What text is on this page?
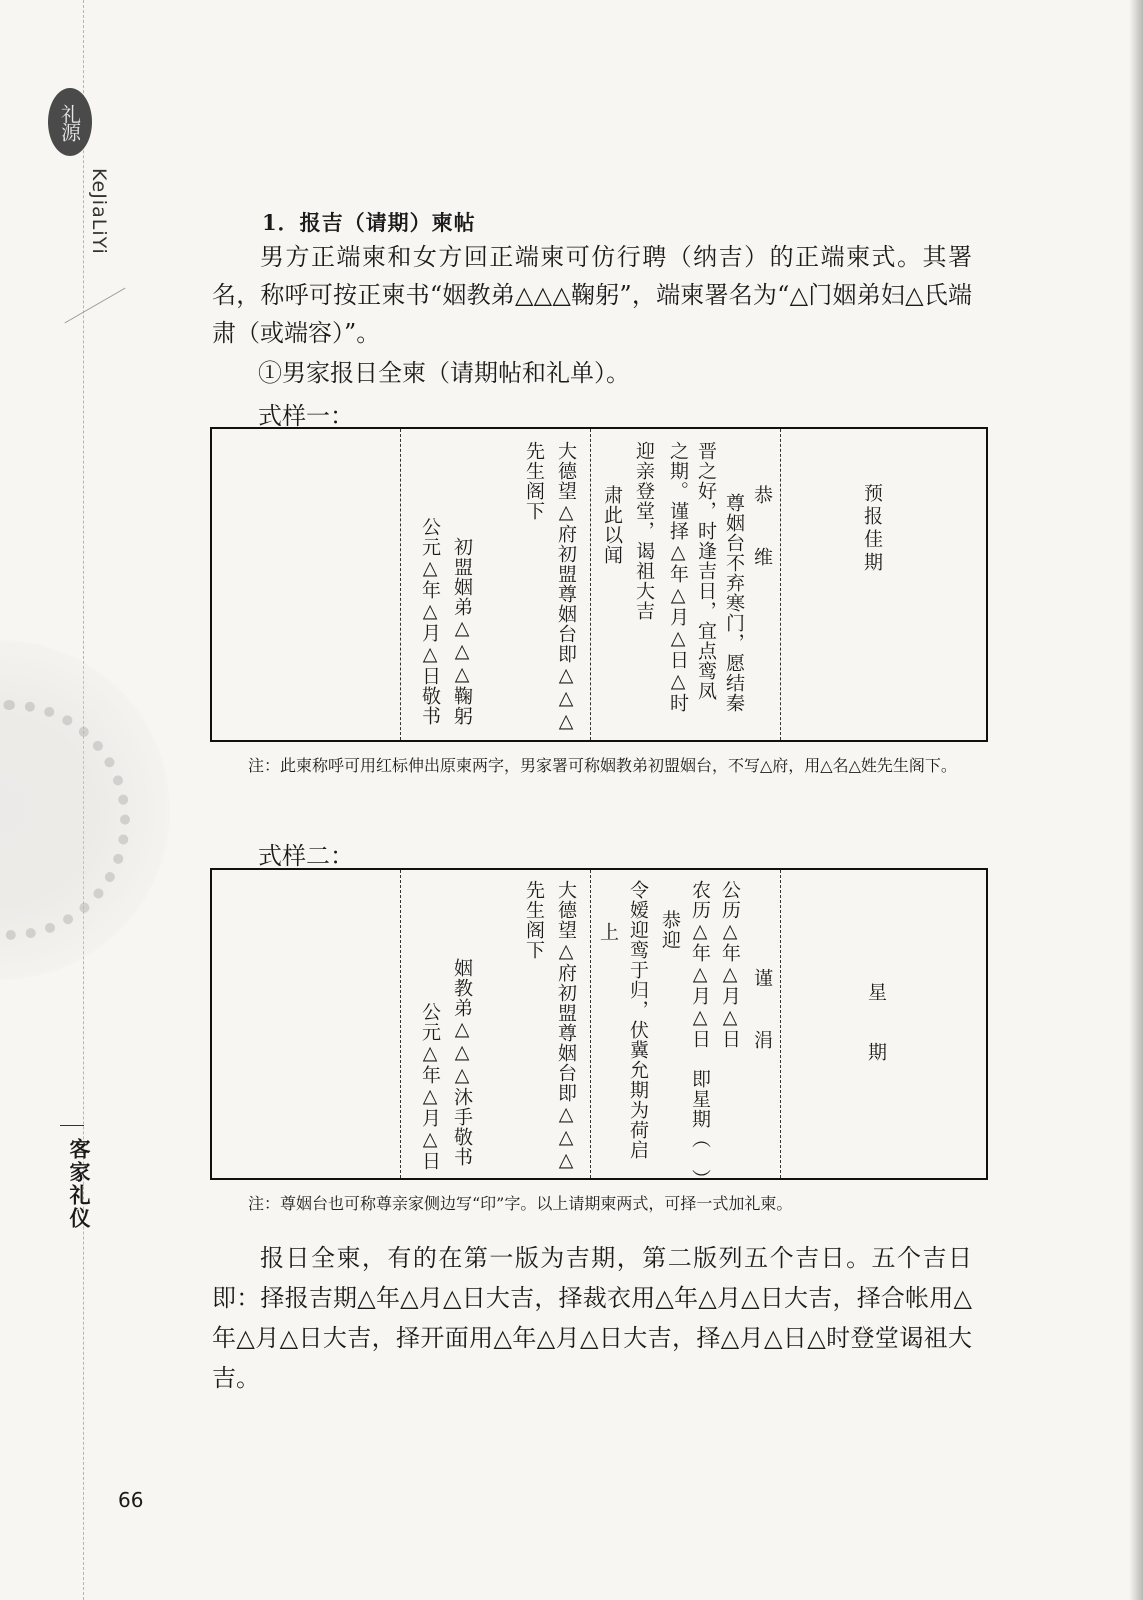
礼源
KeJiaLiYi
客家礼仪
1．报吉（请期）柬帖
男方正端柬和女方回正端柬可仿行聘（纳吉）的正端柬式。其署名，称呼可按正柬书“姻教弟△△△鞠躬”，端柬署名为“△门姻弟妇△氏端肃（或端容）”。
①男家报日全柬（请期帖和礼单）。
式样一：
预报佳期
恭　维
尊姻台不弃寒门，愿结秦
晋之好，时逢吉日，宜点鸾凤
之期。谨择△年△月△日△时
迎亲登堂，谒祖大吉
肃此以闻
大德望△府初盟尊姻台即△△△
先生阁下
初盟姻弟△△△鞠躬
公元△年△月△日敬书
注：此柬称呼可用红标伸出原柬两字，男家署可称姻教弟初盟姻台，不写△府，用△名△姓先生阁下。
式样二：
星　　期
谨　涓
公历△年△月△日
农历△年△月△日　即星期（　）
恭迎
令嫒迎鸾于归，伏冀允期为荷启
上
大德望△府初盟尊姻台即△△△
先生阁下
姻教弟△△△沐手敬书
公元△年△月△日
注：尊姻台也可称尊亲家侧边写“印”字。以上请期柬两式，可择一式加礼柬。
报日全柬，有的在第一版为吉期，第二版列五个吉日。五个吉日即：择报吉期△年△月△日大吉，择裁衣用△年△月△日大吉，择合帐用△年△月△日大吉，择开面用△年△月△日大吉，择△月△日△时登堂谒祖大吉。
66
